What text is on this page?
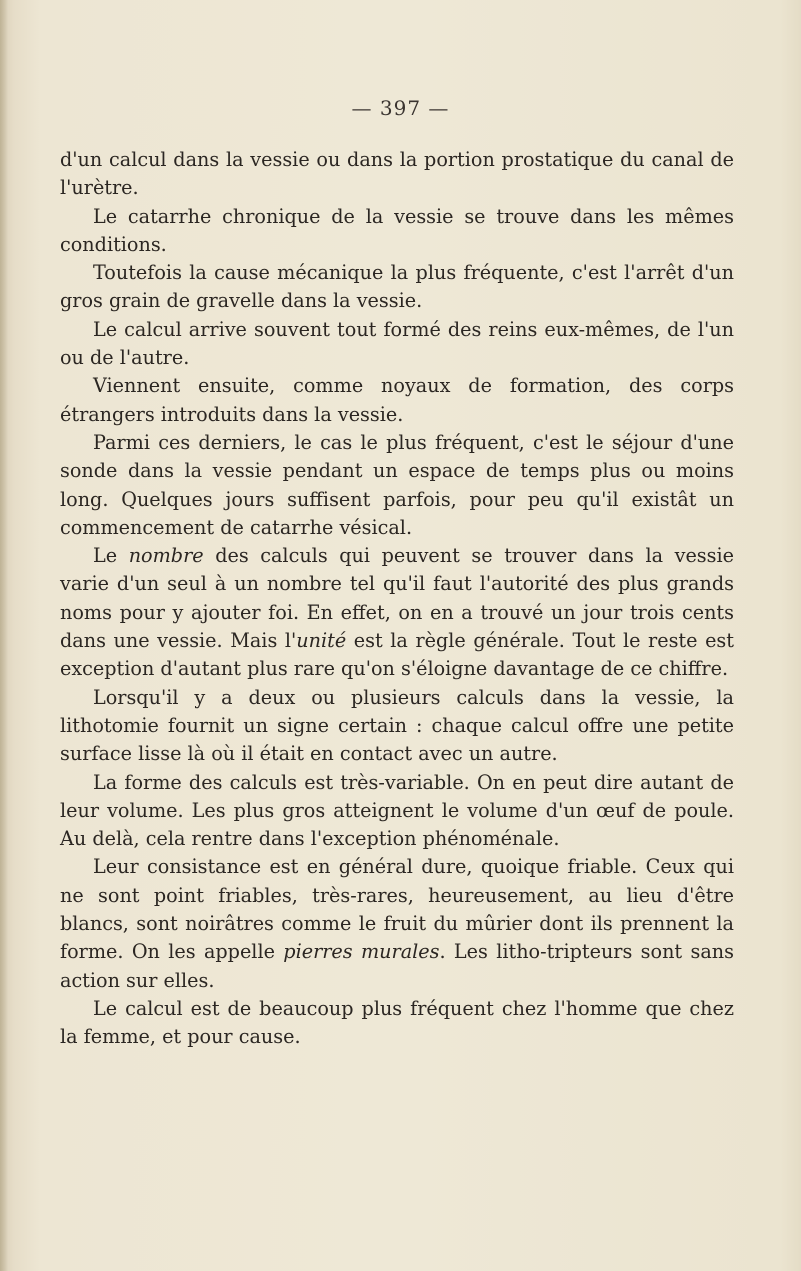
— 397 —

d'un calcul dans la vessie ou dans la portion prostatique du canal de l'urètre.

Le catarrhe chronique de la vessie se trouve dans les mêmes conditions.

Toutefois la cause mécanique la plus fréquente, c'est l'arrêt d'un gros grain de gravelle dans la vessie.

Le calcul arrive souvent tout formé des reins eux-mêmes, de l'un ou de l'autre.

Viennent ensuite, comme noyaux de formation, des corps étrangers introduits dans la vessie.

Parmi ces derniers, le cas le plus fréquent, c'est le séjour d'une sonde dans la vessie pendant un espace de temps plus ou moins long. Quelques jours suffisent parfois, pour peu qu'il existât un commencement de catarrhe vésical.

Le nombre des calculs qui peuvent se trouver dans la vessie varie d'un seul à un nombre tel qu'il faut l'autorité des plus grands noms pour y ajouter foi. En effet, on en a trouvé un jour trois cents dans une vessie. Mais l'unité est la règle générale. Tout le reste est exception d'autant plus rare qu'on s'éloigne davantage de ce chiffre.

Lorsqu'il y a deux ou plusieurs calculs dans la vessie, la lithotomie fournit un signe certain : chaque calcul offre une petite surface lisse là où il était en contact avec un autre.

La forme des calculs est très-variable. On en peut dire autant de leur volume. Les plus gros atteignent le volume d'un œuf de poule. Au delà, cela rentre dans l'exception phénoménale.

Leur consistance est en général dure, quoique friable. Ceux qui ne sont point friables, très-rares, heureusement, au lieu d'être blancs, sont noirâtres comme le fruit du mûrier dont ils prennent la forme. On les appelle pierres murales. Les litho-tripteurs sont sans action sur elles.

Le calcul est de beaucoup plus fréquent chez l'homme que chez la femme, et pour cause.
